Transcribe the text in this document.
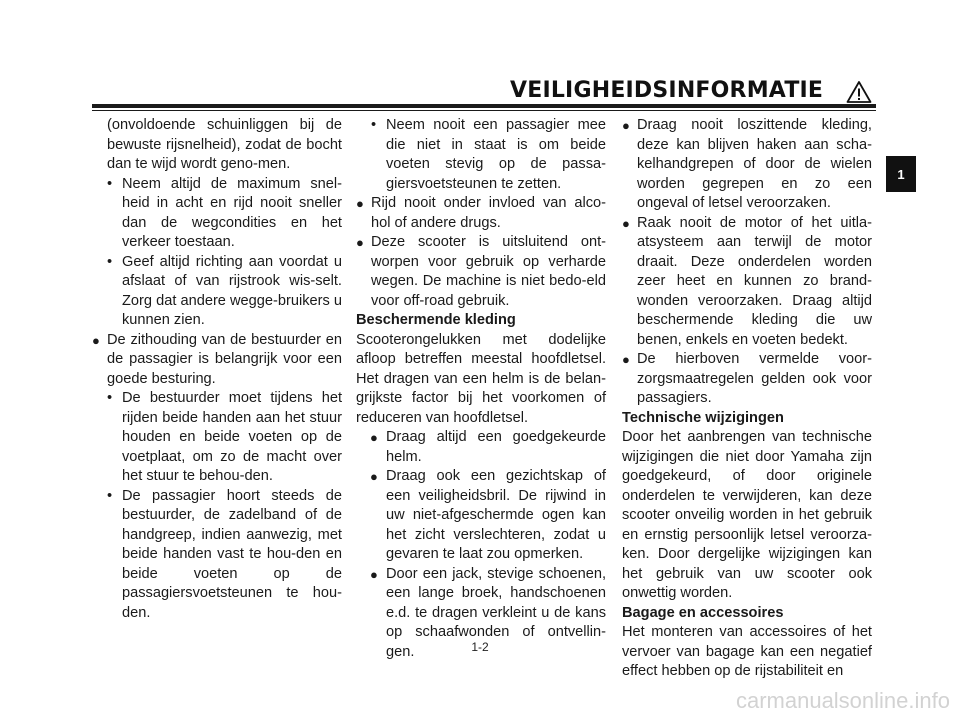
VEILIGHEIDSINFORMATIE
1

(onvoldoende schuinliggen bij de bewuste rijsnelheid), zodat de bocht dan te wijd wordt geno-men.

• Neem altijd de maximum snel-heid in acht en rijd nooit sneller dan de wegcondities en het verkeer toestaan.

• Geef altijd richting aan voordat u afslaat of van rijstrook wis-selt. Zorg dat andere wegge-bruikers u kunnen zien.

● De zithouding van de bestuurder en de passagier is belangrijk voor een goede besturing.

• De bestuurder moet tijdens het rijden beide handen aan het stuur houden en beide voeten op de voetplaat, om zo de macht over het stuur te behou-den.

• De passagier hoort steeds de bestuurder, de zadelband of de handgreep, indien aanwezig, met beide handen vast te hou-den en beide voeten op de passagiersvoetsteunen te hou-den.

• Neem nooit een passagier mee die niet in staat is om beide voeten stevig op de passa-giersvoetsteunen te zetten.

● Rijd nooit onder invloed van alco-hol of andere drugs.

● Deze scooter is uitsluitend ont-worpen voor gebruik op verharde wegen. De machine is niet bedo-eld voor off-road gebruik.

Beschermende kleding

Scooterongelukken met dodelijke afloop betreffen meestal hoofdletsel. Het dragen van een helm is de belan-grijkste factor bij het voorkomen of reduceren van hoofdletsel.

● Draag altijd een goedgekeurde helm.

● Draag ook een gezichtskap of een veiligheidsbril. De rijwind in uw niet-afgeschermde ogen kan het zicht verslechteren, zodat u gevaren te laat zou opmerken.

● Door een jack, stevige schoenen, een lange broek, handschoenen e.d. te dragen verkleint u de kans op schaafwonden of ontvellin-gen.

● Draag nooit loszittende kleding, deze kan blijven haken aan scha-kelhandgrepen of door de wielen worden gegrepen en zo een ongeval of letsel veroorzaken.

● Raak nooit de motor of het uitla-atsysteem aan terwijl de motor draait. Deze onderdelen worden zeer heet en kunnen zo brand-wonden veroorzaken. Draag altijd beschermende kleding die uw benen, enkels en voeten bedekt.

● De hierboven vermelde voor-zorgsmaatregelen gelden ook voor passagiers.

Technische wijzigingen

Door het aanbrengen van technische wijzigingen die niet door Yamaha zijn goedgekeurd, of door originele onderdelen te verwijderen, kan deze scooter onveilig worden in het gebruik en ernstig persoonlijk letsel veroorza-ken. Door dergelijke wijzigingen kan het gebruik van uw scooter ook onwettig worden.

Bagage en accessoires

Het monteren van accessoires of het vervoer van bagage kan een negatief effect hebben op de rijstabiliteit en

1-2
carmanualsonline.info
